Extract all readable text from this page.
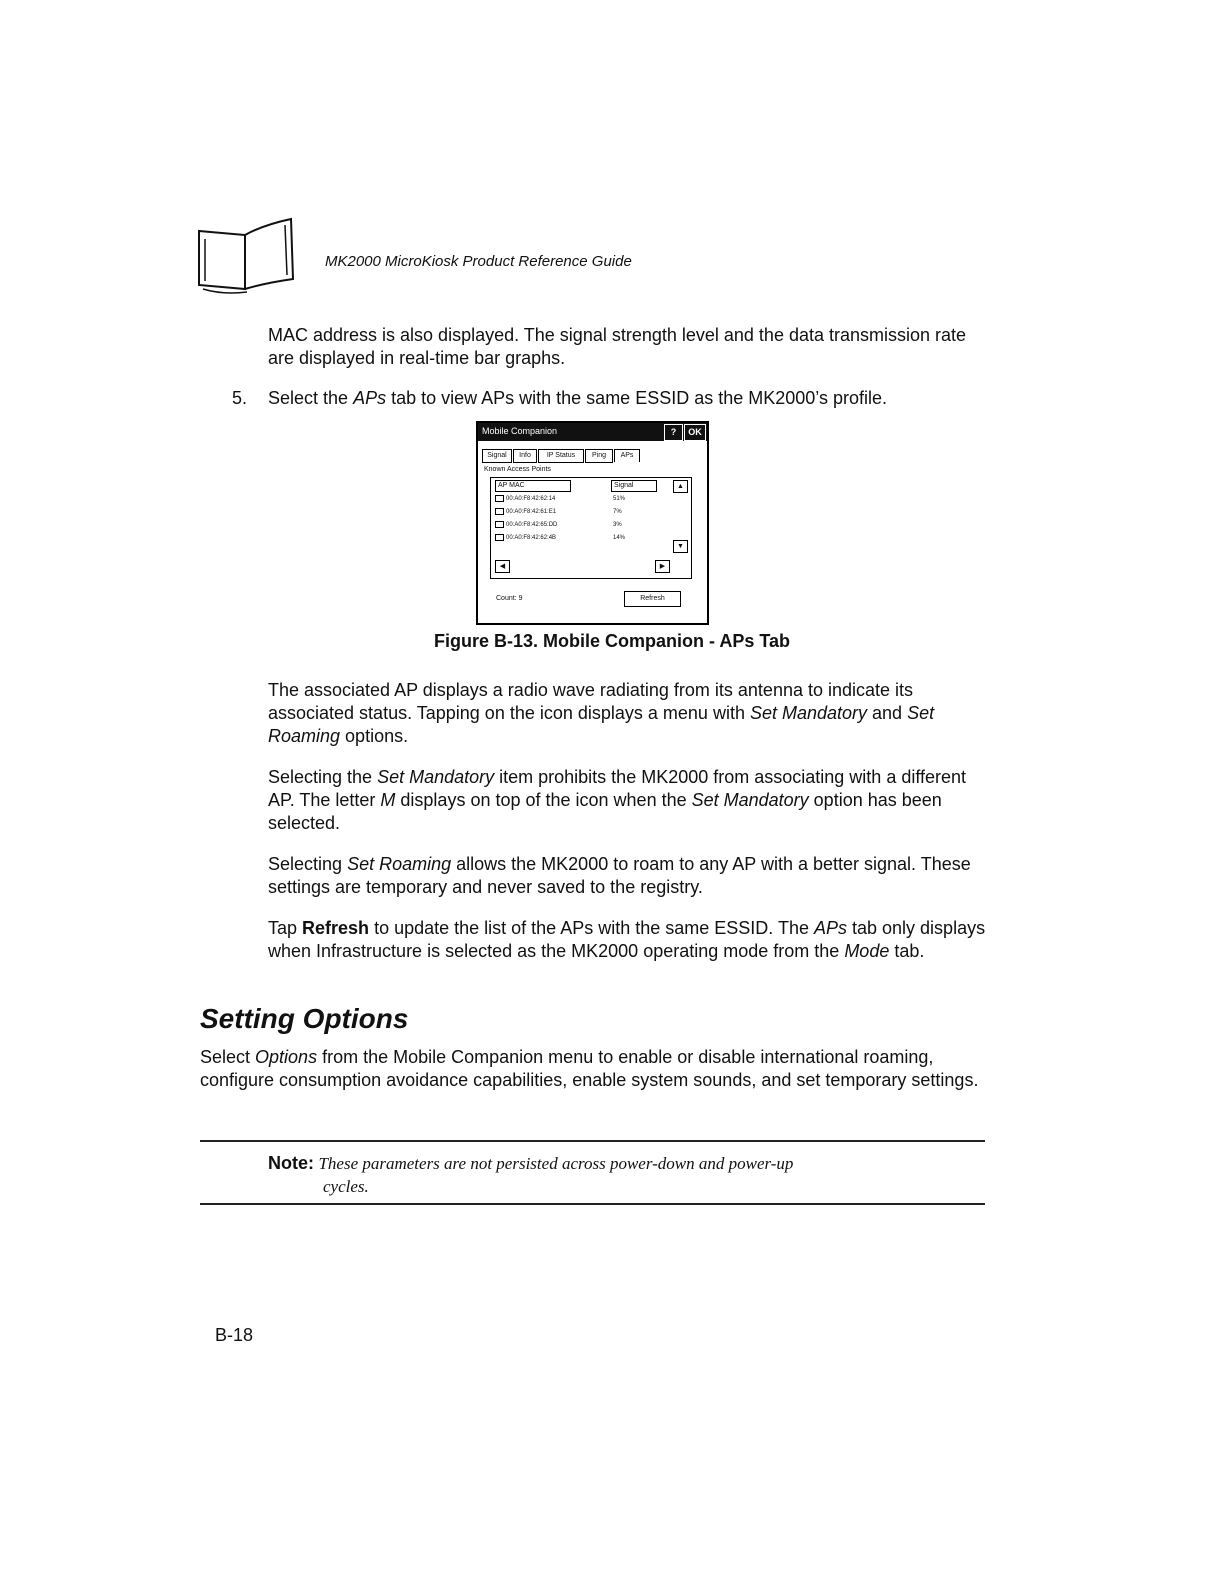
MK2000 MicroKiosk Product Reference Guide
MAC address is also displayed. The signal strength level and the data transmission rate are displayed in real-time bar graphs.
5. Select the APs tab to view APs with the same ESSID as the MK2000’s profile.
Mobile Companion	?	OK
Signal	Info	IP Status	Ping	APs
Known Access Points
AP MAC	Signal	▲
▼
◀	▶
00:A0:F8:42:62:14	51%
00:A0:F8:42:61:E1	7%
00:A0:F8:42:65:DD	3%
00:A0:F8:42:62:4B	14%
Count: 9	Refresh
Figure B-13. Mobile Companion - APs Tab
The associated AP displays a radio wave radiating from its antenna to indicate its associated status. Tapping on the icon displays a menu with Set Mandatory and Set Roaming options.
Selecting the Set Mandatory item prohibits the MK2000 from associating with a different AP. The letter M displays on top of the icon when the Set Mandatory option has been selected.
Selecting Set Roaming allows the MK2000 to roam to any AP with a better signal. These settings are temporary and never saved to the registry.
Tap Refresh to update the list of the APs with the same ESSID. The APs tab only displays when Infrastructure is selected as the MK2000 operating mode from the Mode tab.
Setting Options
Select Options from the Mobile Companion menu to enable or disable international roaming, configure consumption avoidance capabilities, enable system sounds, and set temporary settings.
Note: These parameters are not persisted across power-down and power-up
cycles.
B-18
